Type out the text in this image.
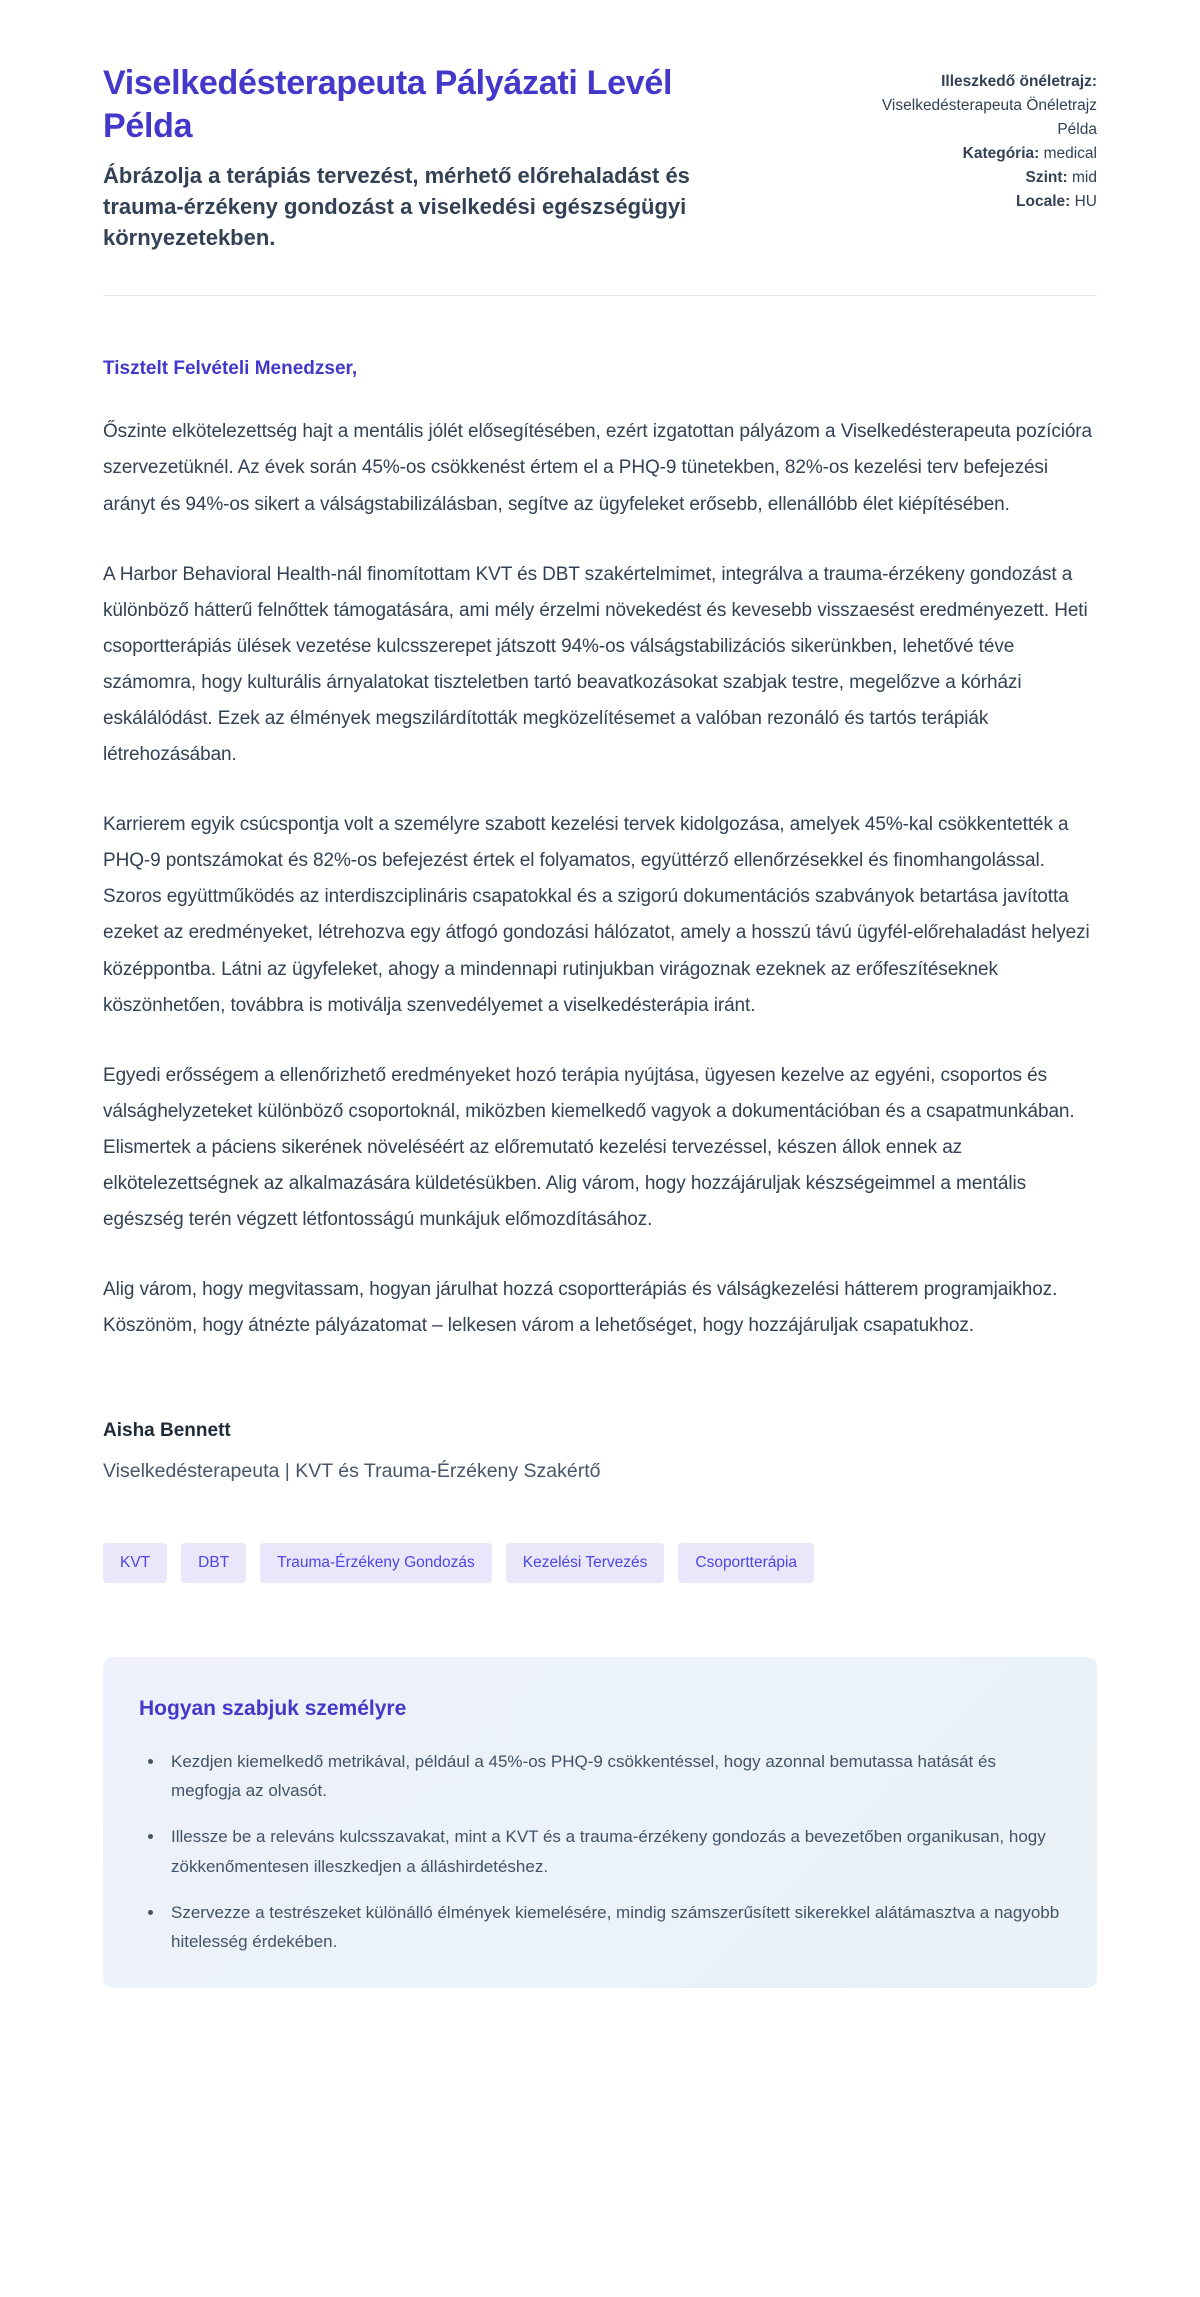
Viselkedésterapeuta Pályázati Levél Példa

Ábrázolja a terápiás tervezést, mérhető előrehaladást és trauma-érzékeny gondozást a viselkedési egészségügyi környezetekben.

Illeszkedő önéletrajz:
Viselkedésterapeuta Önéletrajz Példa
Kategória: medical
Szint: mid
Locale: HU

Tisztelt Felvételi Menedzser,

Őszinte elkötelezettség hajt a mentális jólét elősegítésében, ezért izgatottan pályázom a Viselkedésterapeuta pozícióra szervezetüknél. Az évek során 45%-os csökkenést értem el a PHQ-9 tünetekben, 82%-os kezelési terv befejezési arányt és 94%-os sikert a válságstabilizálásban, segítve az ügyfeleket erősebb, ellenállóbb élet kiépítésében.

A Harbor Behavioral Health-nál finomítottam KVT és DBT szakértelmimet, integrálva a trauma-érzékeny gondozást a különböző hátterű felnőttek támogatására, ami mély érzelmi növekedést és kevesebb visszaesést eredményezett. Heti csoportterápiás ülések vezetése kulcsszerepet játszott 94%-os válságstabilizációs sikerünkben, lehetővé téve számomra, hogy kulturális árnyalatokat tiszteletben tartó beavatkozásokat szabjak testre, megelőzve a kórházi eskálálódást. Ezek az élmények megszilárdították megközelítésemet a valóban rezonáló és tartós terápiák létrehozásában.

Karrierem egyik csúcspontja volt a személyre szabott kezelési tervek kidolgozása, amelyek 45%-kal csökkentették a PHQ-9 pontszámokat és 82%-os befejezést értek el folyamatos, együttérző ellenőrzésekkel és finomhangolással. Szoros együttműködés az interdiszciplináris csapatokkal és a szigorú dokumentációs szabványok betartása javította ezeket az eredményeket, létrehozva egy átfogó gondozási hálózatot, amely a hosszú távú ügyfél-előrehaladást helyezi középpontba. Látni az ügyfeleket, ahogy a mindennapi rutinjukban virágoznak ezeknek az erőfeszítéseknek köszönhetően, továbbra is motiválja szenvedélyemet a viselkedésterápia iránt.

Egyedi erősségem a ellenőrizhető eredményeket hozó terápia nyújtása, ügyesen kezelve az egyéni, csoportos és válsághelyzeteket különböző csoportoknál, miközben kiemelkedő vagyok a dokumentációban és a csapatmunkában. Elismertek a páciens sikerének növeléséért az előremutató kezelési tervezéssel, készen állok ennek az elkötelezettségnek az alkalmazására küldetésükben. Alig várom, hogy hozzájáruljak készségeimmel a mentális egészség terén végzett létfontosságú munkájuk előmozdításához.

Alig várom, hogy megvitassam, hogyan járulhat hozzá csoportterápiás és válságkezelési hátterem programjaikhoz. Köszönöm, hogy átnézte pályázatomat – lelkesen várom a lehetőséget, hogy hozzájáruljak csapatukhoz.

Aisha Bennett

Viselkedésterapeuta | KVT és Trauma-Érzékeny Szakértő

KVT	DBT	Trauma-Érzékeny Gondozás	Kezelési Tervezés	Csoportterápia
Hogyan szabjuk személyre
• Kezdjen kiemelkedő metrikával, például a 45%-os PHQ-9 csökkentéssel, hogy azonnal bemutassa hatását és megfogja az olvasót.
• Illessze be a releváns kulcsszavakat, mint a KVT és a trauma-érzékeny gondozás a bevezetőben organikusan, hogy zökkenőmentesen illeszkedjen a álláshirdetéshez.
• Szervezze a testrészeket különálló élmények kiemelésére, mindig számszerűsített sikerekkel alátámasztva a nagyobb hitelesség érdekében.
